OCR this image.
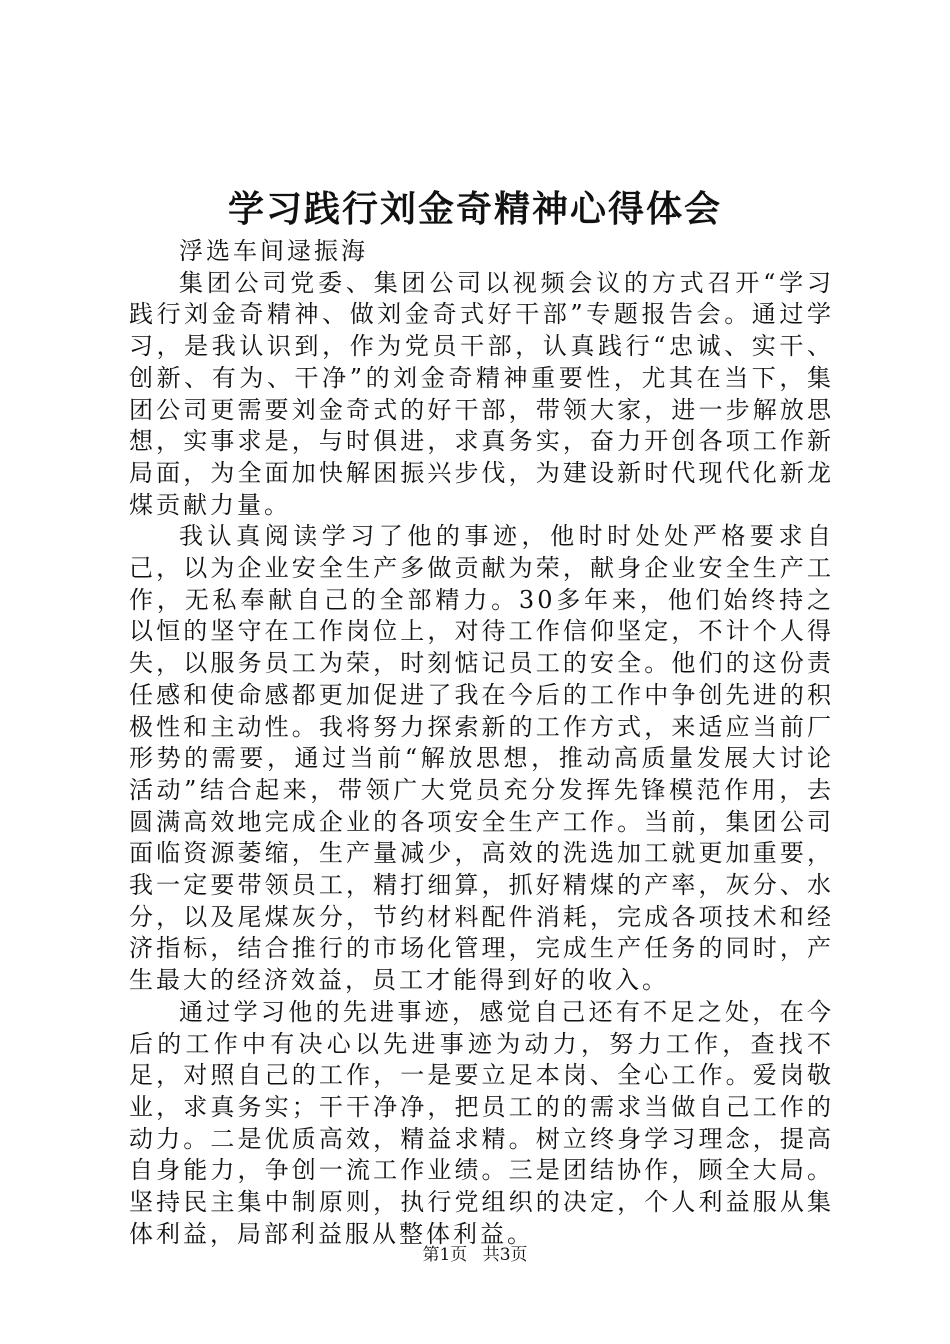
学习践行刘金奇精神心得体会

浮选车间逯振海

集团公司党委、集团公司以视频会议的方式召开“学习践行刘金奇精神、做刘金奇式好干部”专题报告会。通过学习，是我认识到，作为党员干部，认真践行“忠诚、实干、创新、有为、干净”的刘金奇精神重要性，尤其在当下，集团公司更需要刘金奇式的好干部，带领大家，进一步解放思想，实事求是，与时俱进，求真务实，奋力开创各项工作新局面，为全面加快解困振兴步伐，为建设新时代现代化新龙煤贡献力量。

我认真阅读学习了他的事迹，他时时处处严格要求自己，以为企业安全生产多做贡献为荣，献身企业安全生产工作，无私奉献自己的全部精力。30多年来，他们始终持之以恒的坚守在工作岗位上，对待工作信仰坚定，不计个人得失，以服务员工为荣，时刻惦记员工的安全。他们的这份责任感和使命感都更加促进了我在今后的工作中争创先进的积极性和主动性。我将努力探索新的工作方式，来适应当前厂形势的需要，通过当前“解放思想，推动高质量发展大讨论活动”结合起来，带领广大党员充分发挥先锋模范作用，去圆满高效地完成企业的各项安全生产工作。当前，集团公司面临资源萎缩，生产量减少，高效的洗选加工就更加重要，我一定要带领员工，精打细算，抓好精煤的产率，灰分、水分，以及尾煤灰分，节约材料配件消耗，完成各项技术和经济指标，结合推行的市场化管理，完成生产任务的同时，产生最大的经济效益，员工才能得到好的收入。

通过学习他的先进事迹，感觉自己还有不足之处，在今后的工作中有决心以先进事迹为动力，努力工作，查找不足，对照自己的工作，一是要立足本岗、全心工作。爱岗敬业，求真务实；干干净净，把员工的的需求当做自己工作的动力。二是优质高效，精益求精。树立终身学习理念，提高自身能力，争创一流工作业绩。三是团结协作，顾全大局。坚持民主集中制原则，执行党组织的决定，个人利益服从集体利益，局部利益服从整体利益。

第1页 共3页
